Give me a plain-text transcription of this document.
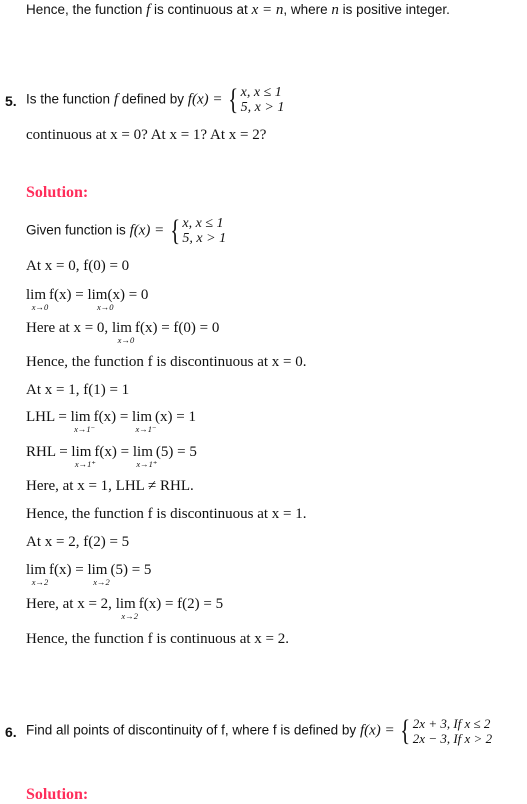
Hence, the function f is continuous at x = n, where n is positive integer.
5. Is the function f defined by f(x) = { x, x ≤ 1
5, x > 1
continuous at x = 0? At x = 1? At x = 2?
Solution:
Given function is f(x) = { x, x ≤ 1
5, x > 1
At x = 0, f(0) = 0
lim
x→0
f(x) = lim(x) = 0
x→0
Here at x = 0, lim
x→0
f(x) = f(0) = 0
Hence, the function f is discontinuous at x = 0.
At x = 1, f(1) = 1
LHL = lim
x→1⁻
f(x) = lim
x→1⁻
(x) = 1
RHL = lim
x→1⁺
f(x) = lim
x→1⁺
(5) = 5
Here, at x = 1, LHL ≠ RHL.
Hence, the function f is discontinuous at x = 1.
At x = 2, f(2) = 5
lim
x→2
f(x) = lim
x→2
(5) = 5
Here, at x = 2, lim
x→2
f(x) = f(2) = 5
Hence, the function f is continuous at x = 2.
6. Find all points of discontinuity of f, where f is defined by f(x) = { 2x + 3, If x ≤ 2
2x − 3, If x > 2
Solution:
